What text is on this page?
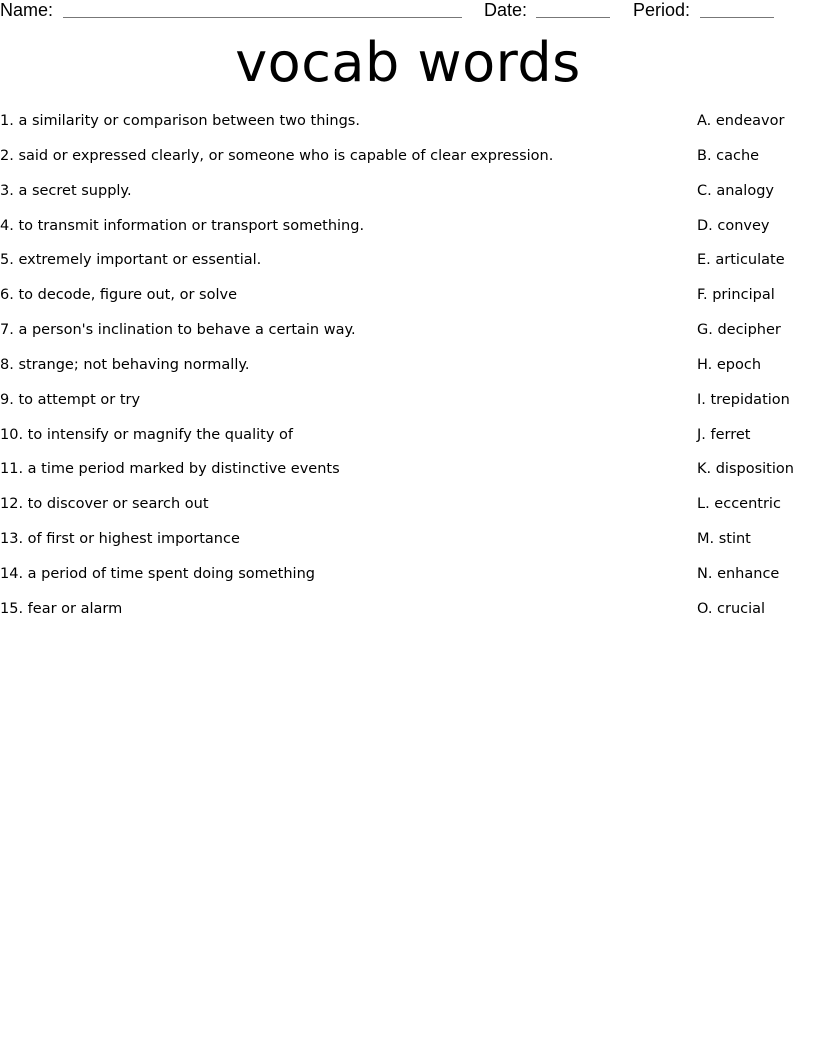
Name:	Date:	Period:
vocab words
1. a similarity or comparison between two things.	A. endeavor
2. said or expressed clearly, or someone who is capable of clear expression.	B. cache
3. a secret supply.	C. analogy
4. to transmit information or transport something.	D. convey
5. extremely important or essential.	E. articulate
6. to decode, figure out, or solve	F. principal
7. a person's inclination to behave a certain way.	G. decipher
8. strange; not behaving normally.	H. epoch
9. to attempt or try	I. trepidation
10. to intensify or magnify the quality of	J. ferret
11. a time period marked by distinctive events	K. disposition
12. to discover or search out	L. eccentric
13. of first or highest importance	M. stint
14. a period of time spent doing something	N. enhance
15. fear or alarm	O. crucial
